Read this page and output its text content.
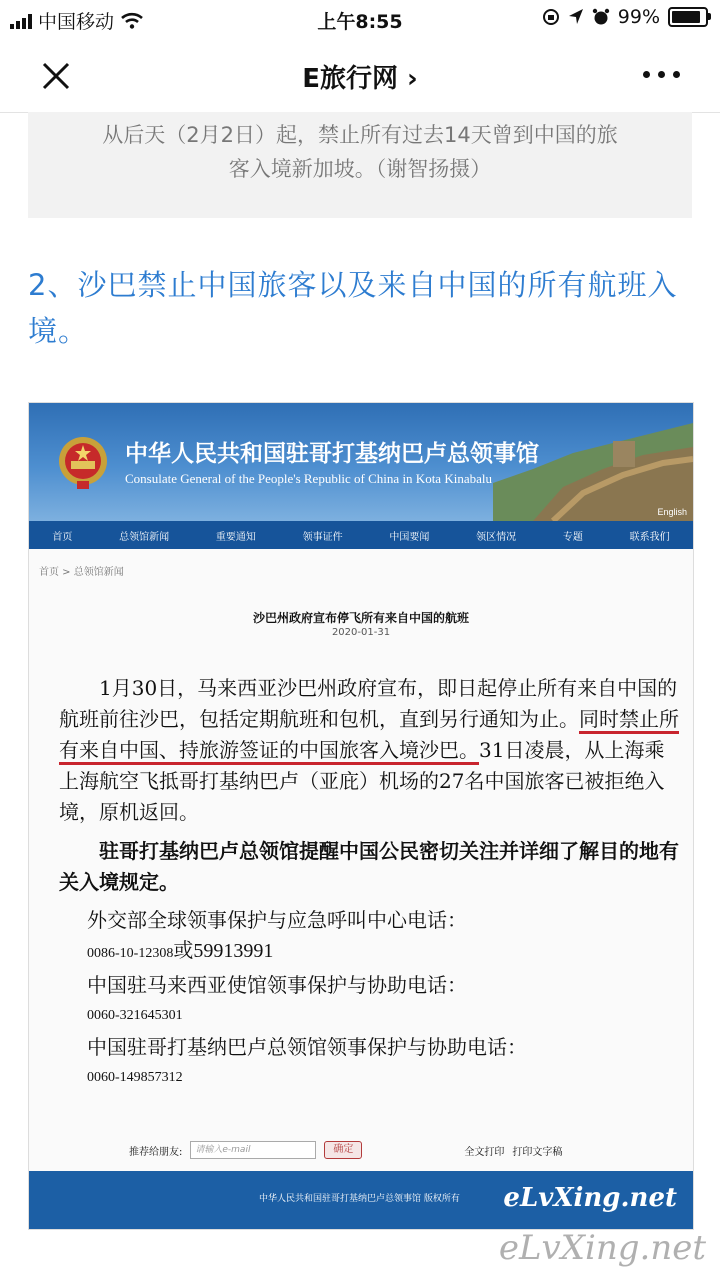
中国移动	上午8:55	99%
E旅行网 ›

从后天（2月2日）起，禁止所有过去14天曾到中国的旅

客入境新加坡。（谢智扬摄）

2、沙巴禁止中国旅客以及来自中国的所有航班入境。
中华人民共和国驻哥打基纳巴卢总领事馆
Consulate General of the People's Republic of China in Kota Kinabalu
English
首页	总领馆新闻	重要通知	领事证件	中国要闻	领区情况	专题	联系我们
首页 > 总领馆新闻
沙巴州政府宣布停飞所有来自中国的航班
2020-01-31

1月30日，马来西亚沙巴州政府宣布，即日起停止所有来自中国的航班前往沙巴，包括定期航班和包机，直到另行通知为止。同时禁止所有来自中国、持旅游签证的中国旅客入境沙巴。31日凌晨，从上海乘上海航空飞抵哥打基纳巴卢（亚庇）机场的27名中国旅客已被拒绝入境，原机返回。

驻哥打基纳巴卢总领馆提醒中国公民密切关注并详细了解目的地有关入境规定。

外交部全球领事保护与应急呼叫中心电话：
0086-10-12308或59913991
中国驻马来西亚使馆领事保护与协助电话：
0060-321645301
中国驻哥打基纳巴卢总领馆领事保护与协助电话：
0060-149857312
推荐给朋友:	请输入e-mail	确定	全文打印 打印文字稿
中华人民共和国驻哥打基纳巴卢总领事馆 版权所有 eLvXing.net
eLvXing.net
